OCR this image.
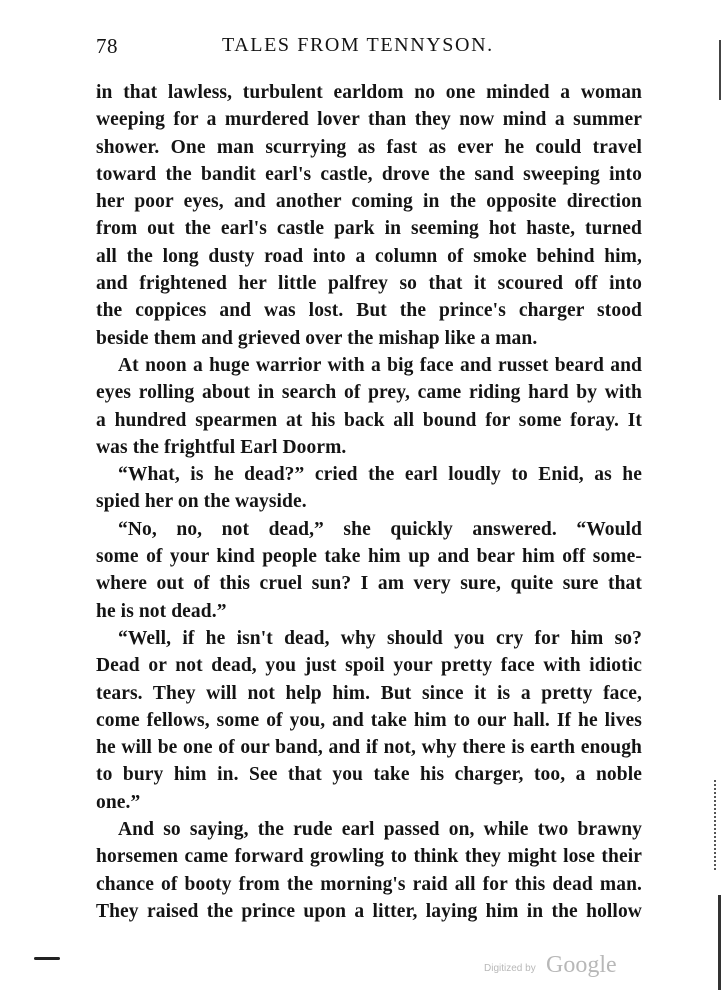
78	TALES FROM TENNYSON.

in that lawless, turbulent earldom no one minded a woman
weeping for a murdered lover than they now mind a summer
shower. One man scurrying as fast as ever he could travel
toward the bandit earl's castle, drove the sand sweeping into
her poor eyes, and another coming in the opposite direction
from out the earl's castle park in seeming hot haste, turned
all the long dusty road into a column of smoke behind him,
and frightened her little palfrey so that it scoured off into
the coppices and was lost. But the prince's charger stood
beside them and grieved over the mishap like a man.

At noon a huge warrior with a big face and russet beard and
eyes rolling about in search of prey, came riding hard by with
a hundred spearmen at his back all bound for some foray. It
was the frightful Earl Doorm.

“What, is he dead?” cried the earl loudly to Enid, as he
spied her on the wayside.

“No, no, not dead,” she quickly answered. “Would
some of your kind people take him up and bear him off some-
where out of this cruel sun? I am very sure, quite sure that
he is not dead.”

“Well, if he isn't dead, why should you cry for him so?
Dead or not dead, you just spoil your pretty face with idiotic
tears. They will not help him. But since it is a pretty face,
come fellows, some of you, and take him to our hall. If he lives
he will be one of our band, and if not, why there is earth enough
to bury him in. See that you take his charger, too, a noble
one.”

And so saying, the rude earl passed on, while two brawny
horsemen came forward growling to think they might lose their
chance of booty from the morning's raid all for this dead man.
They raised the prince upon a litter, laying him in the hollow

Digitized by Google
